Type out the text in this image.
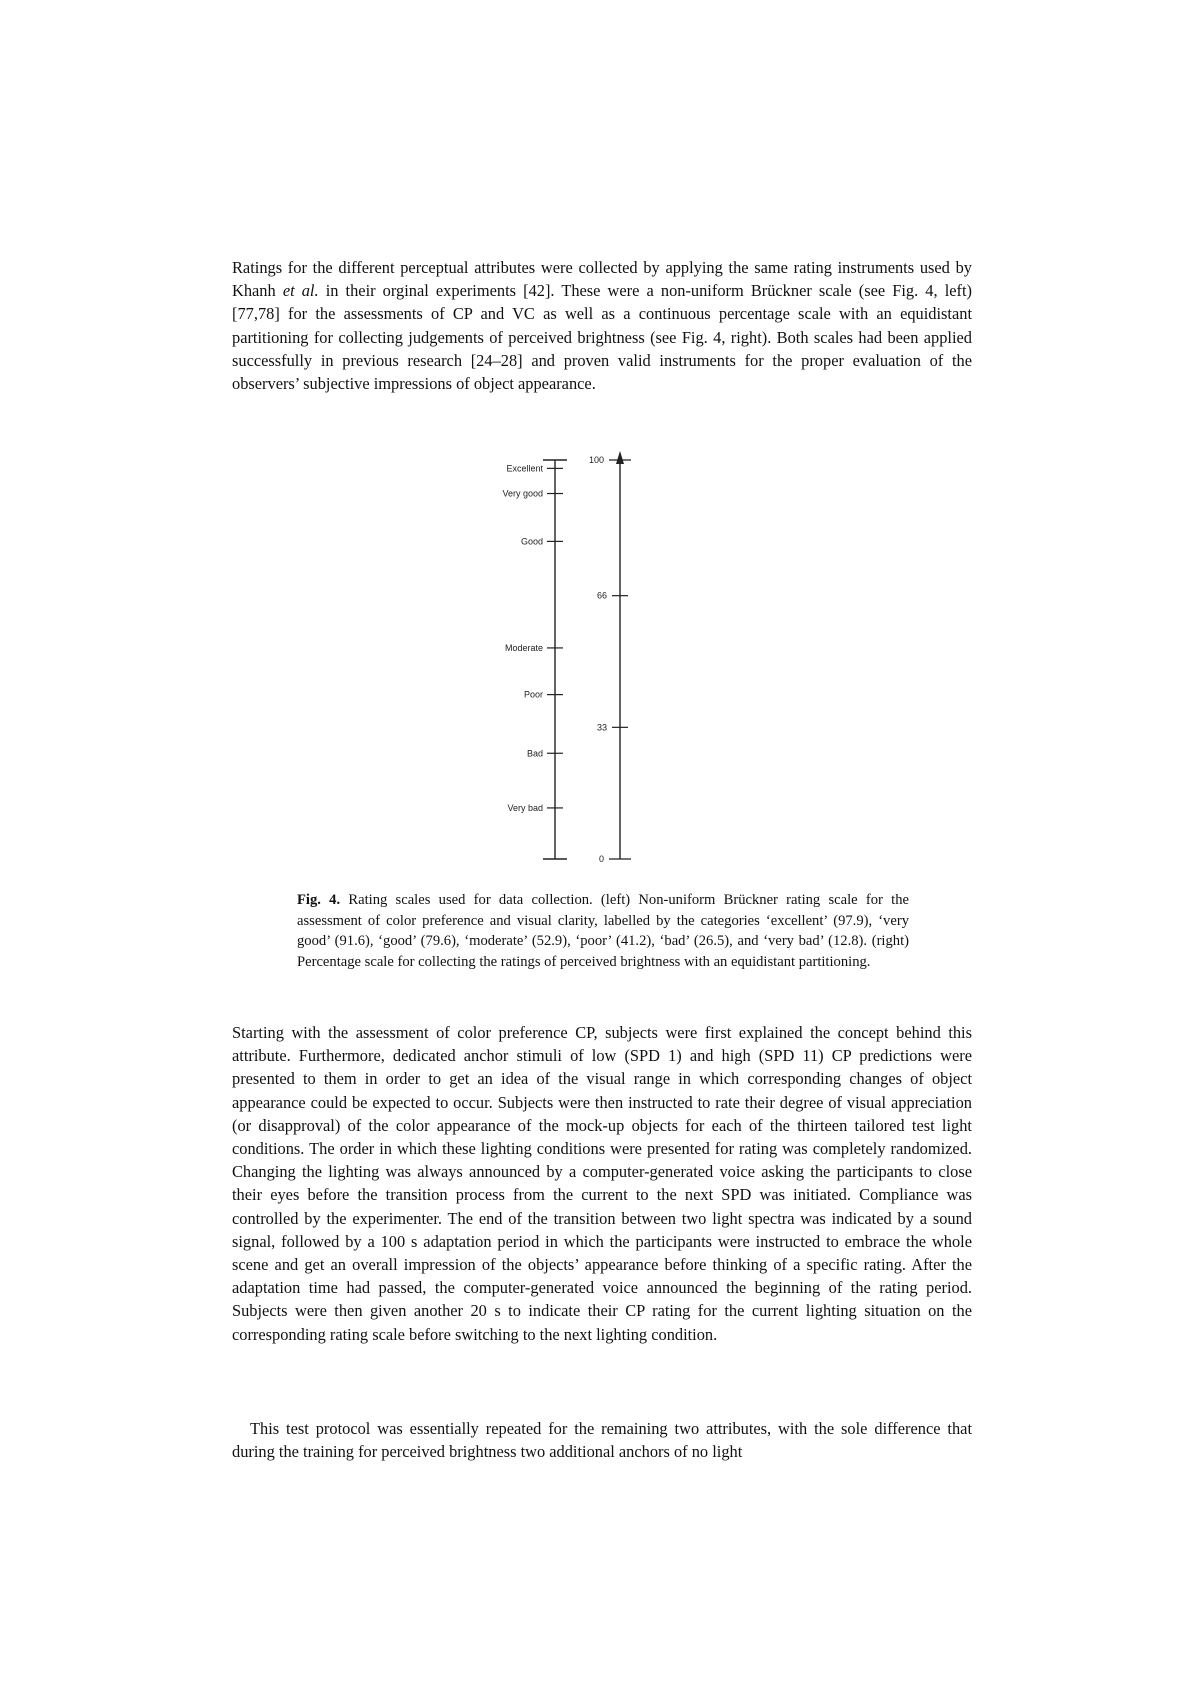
Ratings for the different perceptual attributes were collected by applying the same rating instruments used by Khanh et al. in their orginal experiments [42]. These were a non-uniform Brückner scale (see Fig. 4, left) [77,78] for the assessments of CP and VC as well as a continuous percentage scale with an equidistant partitioning for collecting judgements of perceived brightness (see Fig. 4, right). Both scales had been applied successfully in previous research [24–28] and proven valid instruments for the proper evaluation of the observers’ subjective impressions of object appearance.

Excellent
Very good
Good
Moderate
Poor
Bad
Very bad
100
66
33
0

Fig. 4. Rating scales used for data collection. (left) Non-uniform Brückner rating scale for the assessment of color preference and visual clarity, labelled by the categories ‘excellent’ (97.9), ‘very good’ (91.6), ‘good’ (79.6), ‘moderate’ (52.9), ‘poor’ (41.2), ‘bad’ (26.5), and ‘very bad’ (12.8). (right) Percentage scale for collecting the ratings of perceived brightness with an equidistant partitioning.

Starting with the assessment of color preference CP, subjects were first explained the concept behind this attribute. Furthermore, dedicated anchor stimuli of low (SPD 1) and high (SPD 11) CP predictions were presented to them in order to get an idea of the visual range in which corresponding changes of object appearance could be expected to occur. Subjects were then instructed to rate their degree of visual appreciation (or disapproval) of the color appearance of the mock-up objects for each of the thirteen tailored test light conditions. The order in which these lighting conditions were presented for rating was completely randomized. Changing the lighting was always announced by a computer-generated voice asking the participants to close their eyes before the transition process from the current to the next SPD was initiated. Compliance was controlled by the experimenter. The end of the transition between two light spectra was indicated by a sound signal, followed by a 100 s adaptation period in which the participants were instructed to embrace the whole scene and get an overall impression of the objects’ appearance before thinking of a specific rating. After the adaptation time had passed, the computer-generated voice announced the beginning of the rating period. Subjects were then given another 20 s to indicate their CP rating for the current lighting situation on the corresponding rating scale before switching to the next lighting condition.

This test protocol was essentially repeated for the remaining two attributes, with the sole difference that during the training for perceived brightness two additional anchors of no light
